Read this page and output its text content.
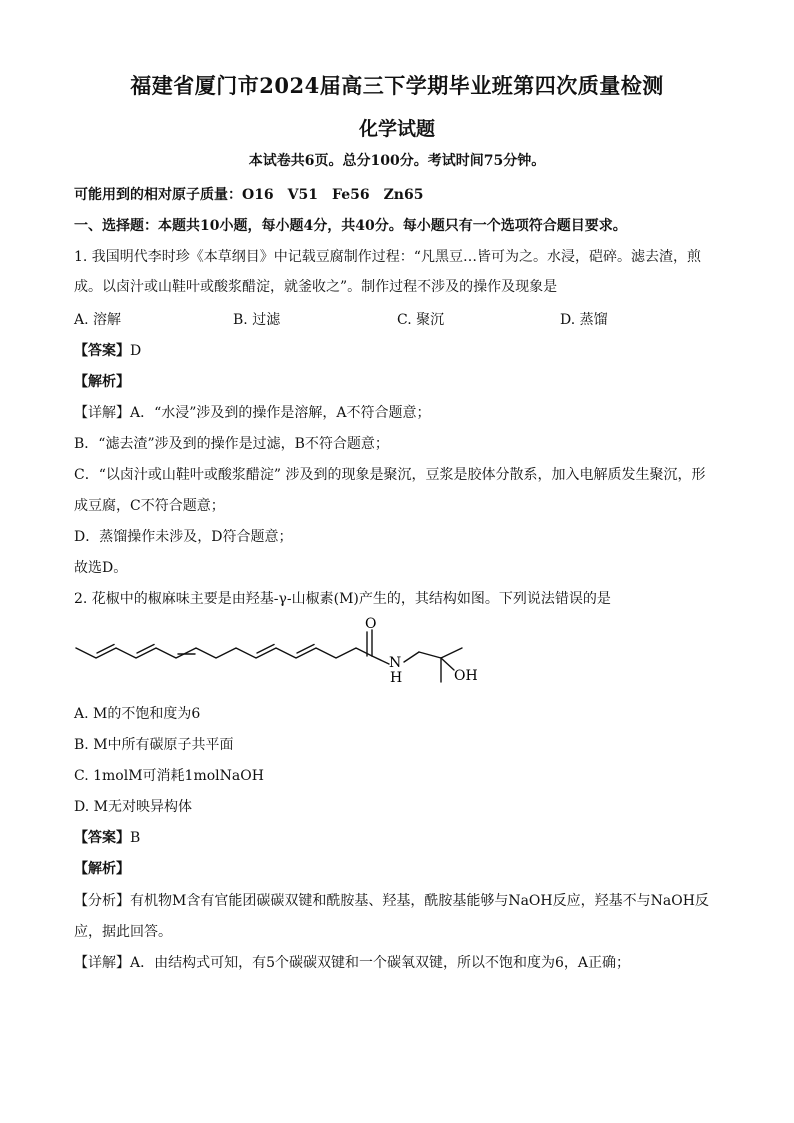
福建省厦门市2024届高三下学期毕业班第四次质量检测
化学试题
本试卷共6页。总分100分。考试时间75分钟。
可能用到的相对原子质量：O16　V51　Fe56　Zn65
一、选择题：本题共10小题，每小题4分，共40分。每小题只有一个选项符合题目要求。
1. 我国明代李时珍《本草纲目》中记载豆腐制作过程：“凡黑豆…皆可为之。水浸，硙碎。滤去渣，煎
成。以卤汁或山鞋叶或酸浆醋淀，就釜收之”。制作过程不涉及的操作及现象是
A. 溶解	B. 过滤	C. 聚沉	D. 蒸馏
【答案】D
【解析】
【详解】A．“水浸”涉及到的操作是溶解，A不符合题意；
B．“滤去渣”涉及到的操作是过滤，B不符合题意；
C．“以卤汁或山鞋叶或酸浆醋淀” 涉及到的现象是聚沉，豆浆是胶体分散系，加入电解质发生聚沉，形
成豆腐，C不符合题意；
D．蒸馏操作未涉及，D符合题意；
故选D。
2. 花椒中的椒麻味主要是由羟基-γ-山椒素(M)产生的，其结构如图。下列说法错误的是
O
N
H	OH
A. M的不饱和度为6
B. M中所有碳原子共平面
C. 1molM可消耗1molNaOH
D. M无对映异构体
【答案】B
【解析】
【分析】有机物M含有官能团碳碳双键和酰胺基、羟基，酰胺基能够与NaOH反应，羟基不与NaOH反
应，据此回答。
【详解】A．由结构式可知，有5个碳碳双键和一个碳氧双键，所以不饱和度为6，A正确；
